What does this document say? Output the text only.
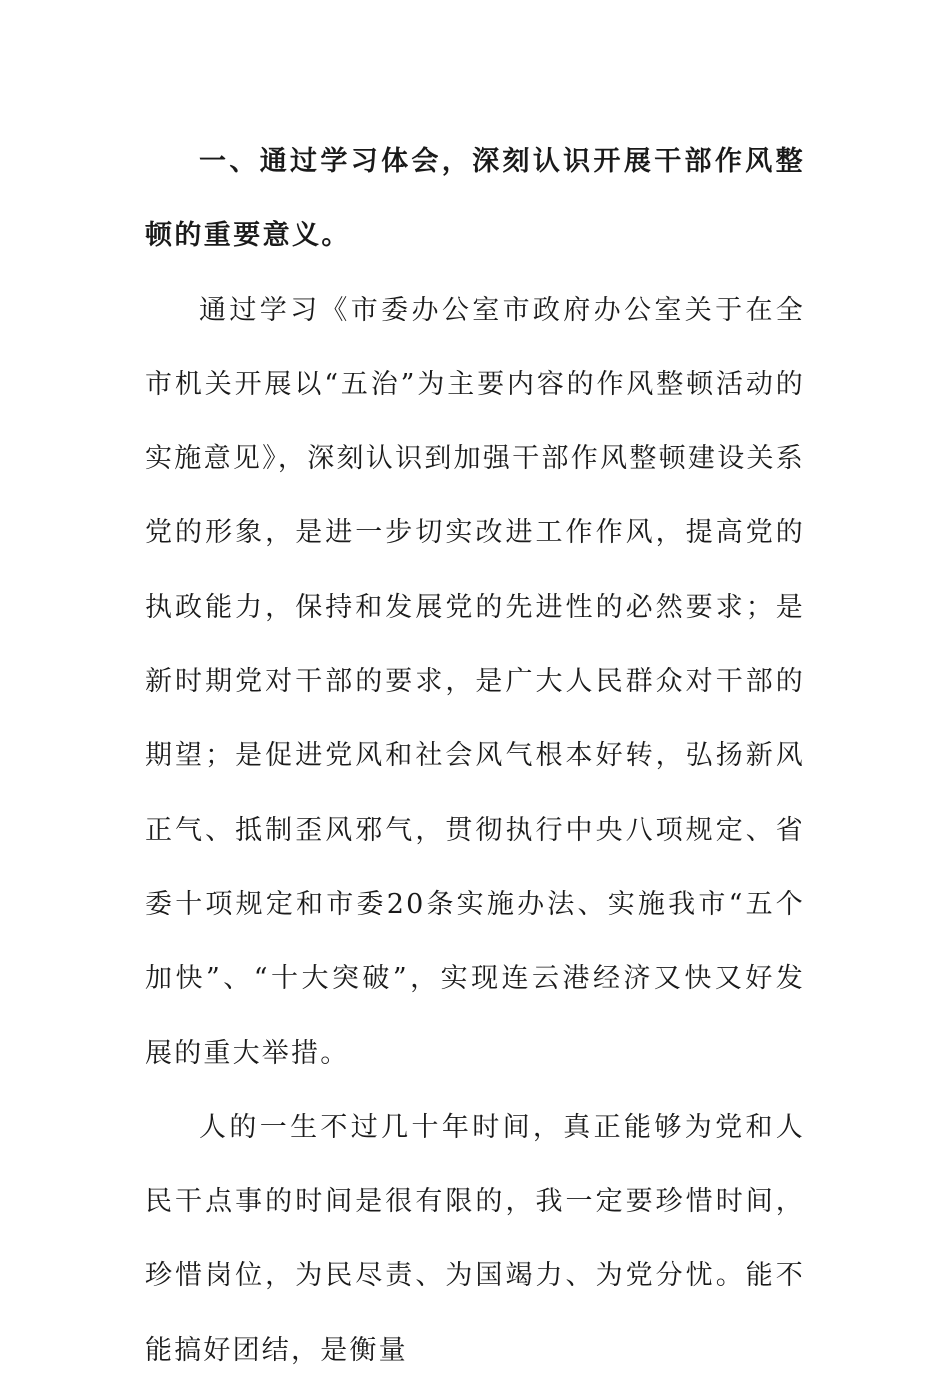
一、通过学习体会，深刻认识开展干部作风整顿的重要意义。

通过学习《市委办公室市政府办公室关于在全市机关开展以“五治”为主要内容的作风整顿活动的实施意见》，深刻认识到加强干部作风整顿建设关系党的形象，是进一步切实改进工作作风，提高党的执政能力，保持和发展党的先进性的必然要求；是新时期党对干部的要求，是广大人民群众对干部的期望；是促进党风和社会风气根本好转，弘扬新风正气、抵制歪风邪气，贯彻执行中央八项规定、省委十项规定和市委20条实施办法、实施我市“五个加快”、“十大突破”，实现连云港经济又快又好发展的重大举措。

人的一生不过几十年时间，真正能够为党和人民干点事的时间是很有限的，我一定要珍惜时间，珍惜岗位，为民尽责、为国竭力、为党分忧。能不能搞好团结，是衡量
